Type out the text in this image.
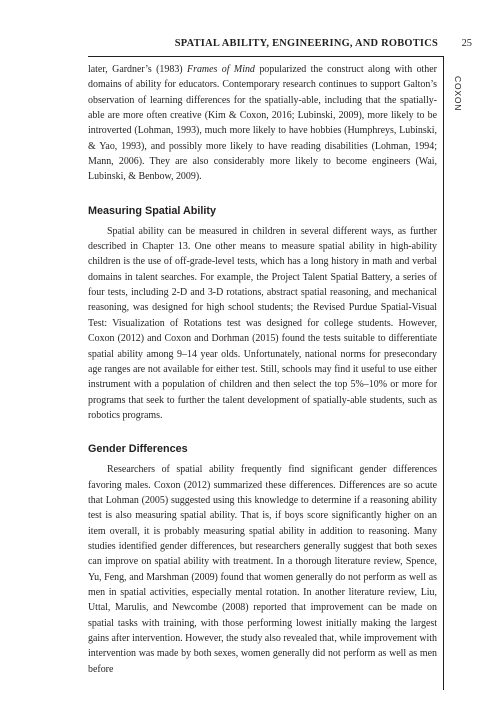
SPATIAL ABILITY, ENGINEERING, AND ROBOTICS	25
COXON

later, Gardner’s (1983) Frames of Mind popularized the construct along with other domains of ability for educators. Contemporary research continues to support Galton’s observation of learning differences for the spatially-able, including that the spatially-able are more often creative (Kim & Coxon, 2016; Lubinski, 2009), more likely to be introverted (Lohman, 1993), much more likely to have hobbies (Humphreys, Lubinski, & Yao, 1993), and possibly more likely to have reading disabilities (Lohman, 1994; Mann, 2006). They are also considerably more likely to become engineers (Wai, Lubinski, & Benbow, 2009).

Measuring Spatial Ability

Spatial ability can be measured in children in several different ways, as further described in Chapter 13. One other means to measure spatial ability in high-ability children is the use of off-grade-level tests, which has a long history in math and verbal domains in talent searches. For example, the Project Talent Spatial Battery, a series of four tests, including 2-D and 3-D rotations, abstract spatial reasoning, and mechanical reasoning, was designed for high school students; the Revised Purdue Spatial-Visual Test: Visualization of Rotations test was designed for college students. However, Coxon (2012) and Coxon and Dorhman (2015) found the tests suitable to differentiate spatial ability among 9–14 year olds. Unfortunately, national norms for presecondary age ranges are not available for either test. Still, schools may find it useful to use either instrument with a population of children and then select the top 5%–10% or more for programs that seek to further the talent development of spatially-able students, such as robotics programs.

Gender Differences

Researchers of spatial ability frequently find significant gender differences favoring males. Coxon (2012) summarized these differences. Differences are so acute that Lohman (2005) suggested using this knowledge to determine if a reasoning ability test is also measuring spatial ability. That is, if boys score significantly higher on an item overall, it is probably measuring spatial ability in addition to reasoning. Many studies identified gender differences, but researchers generally suggest that both sexes can improve on spatial ability with treatment. In a thorough literature review, Spence, Yu, Feng, and Marshman (2009) found that women generally do not perform as well as men in spatial activities, especially mental rotation. In another literature review, Liu, Uttal, Marulis, and Newcombe (2008) reported that improvement can be made on spatial tasks with training, with those performing lowest initially making the largest gains after intervention. However, the study also revealed that, while improvement with intervention was made by both sexes, women generally did not perform as well as men before
